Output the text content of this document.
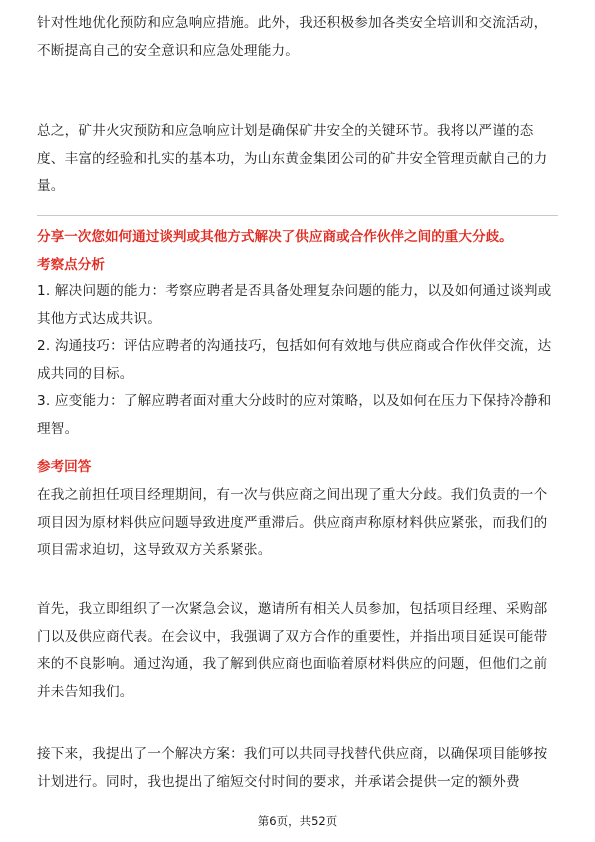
针对性地优化预防和应急响应措施。此外，我还积极参加各类安全培训和交流活动，不断提高自己的安全意识和应急处理能力。

总之，矿井火灾预防和应急响应计划是确保矿井安全的关键环节。我将以严谨的态度、丰富的经验和扎实的基本功，为山东黄金集团公司的矿井安全管理贡献自己的力量。

分享一次您如何通过谈判或其他方式解决了供应商或合作伙伴之间的重大分歧。

考察点分析

1. 解决问题的能力：考察应聘者是否具备处理复杂问题的能力，以及如何通过谈判或其他方式达成共识。

2. 沟通技巧：评估应聘者的沟通技巧，包括如何有效地与供应商或合作伙伴交流，达成共同的目标。

3. 应变能力：了解应聘者面对重大分歧时的应对策略，以及如何在压力下保持冷静和理智。

参考回答

在我之前担任项目经理期间，有一次与供应商之间出现了重大分歧。我们负责的一个项目因为原材料供应问题导致进度严重滞后。供应商声称原材料供应紧张，而我们的项目需求迫切，这导致双方关系紧张。

首先，我立即组织了一次紧急会议，邀请所有相关人员参加，包括项目经理、采购部门以及供应商代表。在会议中，我强调了双方合作的重要性，并指出项目延误可能带来的不良影响。通过沟通，我了解到供应商也面临着原材料供应的问题，但他们之前并未告知我们。

接下来，我提出了一个解决方案：我们可以共同寻找替代供应商，以确保项目能够按计划进行。同时，我也提出了缩短交付时间的要求，并承诺会提供一定的额外费

第6页，共52页
